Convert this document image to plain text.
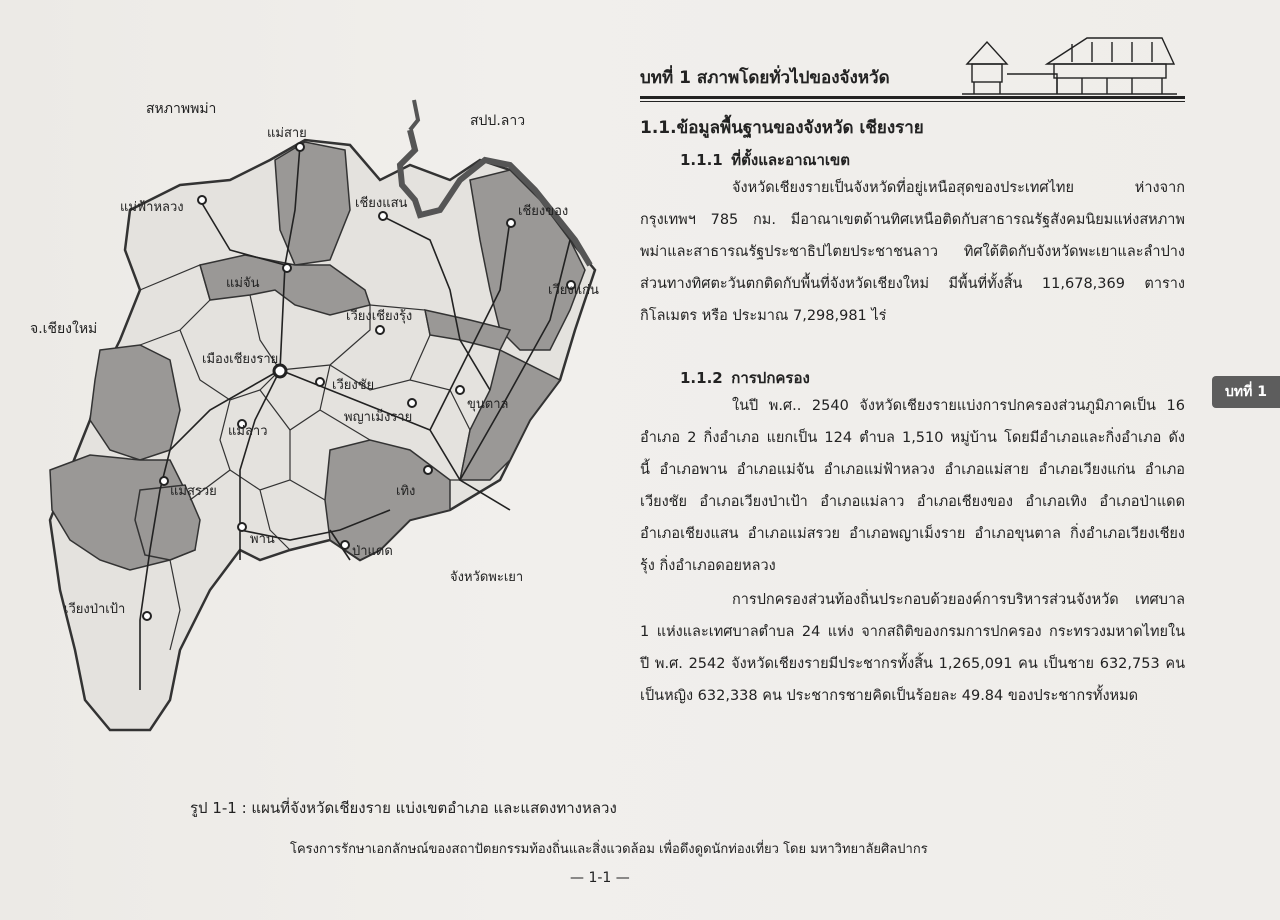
สหภาพพม่า
สปป.ลาว
แม่สาย
แม่ฟ้าหลวง	เชียงแสน
เชียงของ
แม่จัน	เวียงแก่น
เวียงเชียงรุ้ง
จ.เชียงใหม่
เมืองเชียงราย
เวียงชัย
ขุนตาล
พญาเม็งราย
แม่ลาว
เทิง
แม่สรวย
พาน
ป่าแดด
จังหวัดพะเยา
เวียงป่าเป้า
รูป 1-1 : แผนที่จังหวัดเชียงราย แบ่งเขตอำเภอ และแสดงทางหลวง
บทที่ 1 สภาพโดยทั่วไปของจังหวัด
1.1.ข้อมูลพื้นฐานของจังหวัด เชียงราย
1.1.1 ที่ตั้งและอาณาเขต
จังหวัดเชียงรายเป็นจังหวัดที่อยู่เหนือสุดของประเทศไทย ห่างจาก
กรุงเทพฯ 785 กม. มีอาณาเขตด้านทิศเหนือติดกับสาธารณรัฐสังคมนิยมแห่งสหภาพ
พม่าและสาธารณรัฐประชาธิปไตยประชาชนลาว ทิศใต้ติดกับจังหวัดพะเยาและลำปาง
ส่วนทางทิศตะวันตกติดกับพื้นที่จังหวัดเชียงใหม่ มีพื้นที่ทั้งสิ้น 11,678,369 ตาราง
กิโลเมตร หรือ ประมาณ 7,298,981 ไร่
1.1.2 การปกครอง
ในปี พ.ศ.. 2540 จังหวัดเชียงรายแบ่งการปกครองส่วนภูมิภาคเป็น 16
อำเภอ 2 กิ่งอำเภอ แยกเป็น 124 ตำบล 1,510 หมู่บ้าน โดยมีอำเภอและกิ่งอำเภอ ดัง
นี้ อำเภอพาน อำเภอแม่จัน อำเภอแม่ฟ้าหลวง อำเภอแม่สาย อำเภอเวียงแก่น อำเภอ
เวียงชัย อำเภอเวียงป่าเป้า อำเภอแม่ลาว อำเภอเชียงของ อำเภอเทิง อำเภอป่าแดด
อำเภอเชียงแสน อำเภอแม่สรวย อำเภอพญาเม็งราย อำเภอขุนตาล กิ่งอำเภอเวียงเชียง
รุ้ง กิ่งอำเภอดอยหลวง
การปกครองส่วนท้องถิ่นประกอบด้วยองค์การบริหารส่วนจังหวัด เทศบาล
1 แห่งและเทศบาลตำบล 24 แห่ง จากสถิติของกรมการปกครอง กระทรวงมหาดไทยใน
ปี พ.ศ. 2542 จังหวัดเชียงรายมีประชากรทั้งสิ้น 1,265,091 คน เป็นชาย 632,753 คน
เป็นหญิง 632,338 คน ประชากรชายคิดเป็นร้อยละ 49.84 ของประชากรทั้งหมด
บทที่ 1
โครงการรักษาเอกลักษณ์ของสถาปัตยกรรมท้องถิ่นและสิ่งแวดล้อม เพื่อดึงดูดนักท่องเที่ยว โดย มหาวิทยาลัยศิลปากร
— 1-1 —
